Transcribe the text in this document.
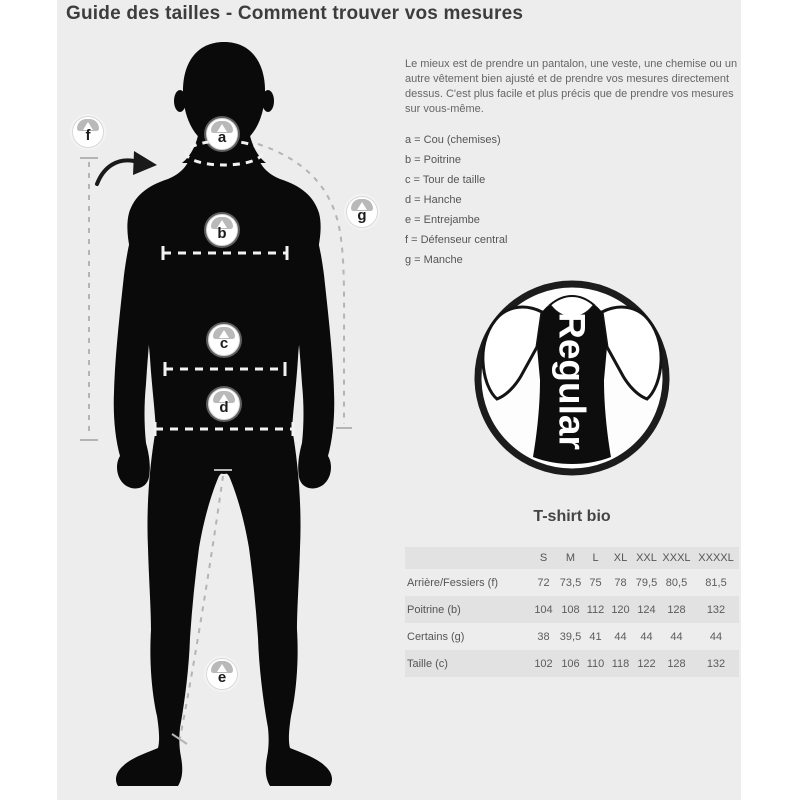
Guide des tailles - Comment trouver vos mesures
a
b
c
d
e
f
g

Le mieux est de prendre un pantalon, une veste, une chemise ou un autre vêtement bien ajusté et de prendre vos mesures directement dessus. C'est plus facile et plus précis que de prendre vos mesures sur vous-même.

a = Cou (chemises)
b = Poitrine
c = Tour de taille
d = Hanche
e = Entrejambe
f = Défenseur central
g = Manche
Regular
T-shirt bio
	S	M	L	XL	XXL	XXXL	XXXXL
Arrière/Fessiers (f)	72	73,5	75	78	79,5	80,5	81,5
Poitrine (b)	104	108	112	120	124	128	132
Certains (g)	38	39,5	41	44	44	44	44
Taille (c)	102	106	110	118	122	128	132
